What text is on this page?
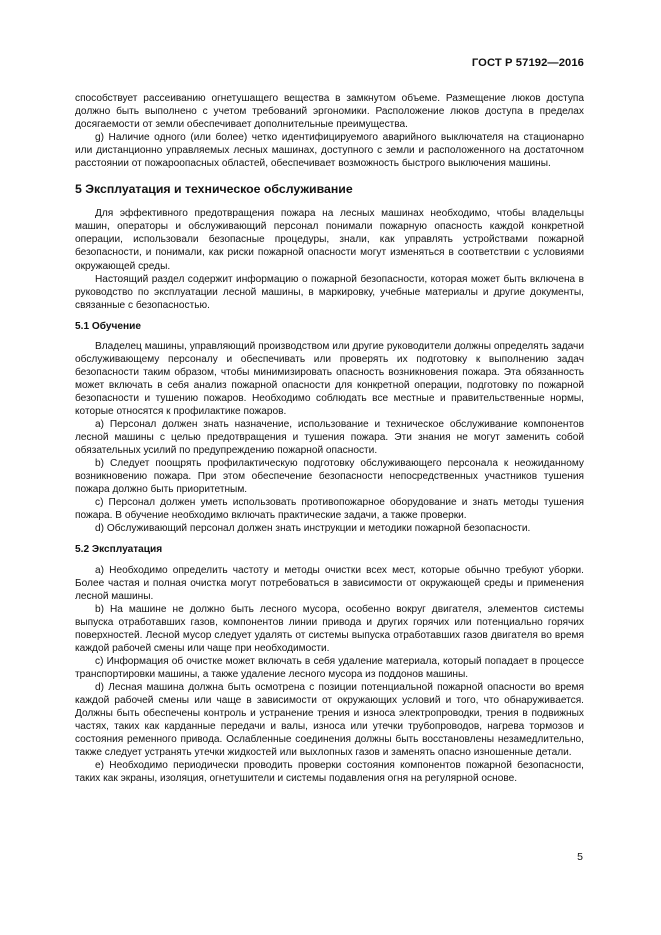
ГОСТ Р 57192—2016

способствует рассеиванию огнетушащего вещества в замкнутом объеме. Размещение люков доступа должно быть выполнено с учетом требований эргономики. Расположение люков доступа в пределах досягаемости от земли обеспечивает дополнительные преимущества.

g) Наличие одного (или более) четко идентифицируемого аварийного выключателя на стационарно или дистанционно управляемых лесных машинах, доступного с земли и расположенного на достаточном расстоянии от пожароопасных областей, обеспечивает возможность быстрого выключения машины.

5 Эксплуатация и техническое обслуживание

Для эффективного предотвращения пожара на лесных машинах необходимо, чтобы владельцы машин, операторы и обслуживающий персонал понимали пожарную опасность каждой конкретной операции, использовали безопасные процедуры, знали, как управлять устройствами пожарной безопасности, и понимали, как риски пожарной опасности могут изменяться в соответствии с условиями окружающей среды.

Настоящий раздел содержит информацию о пожарной безопасности, которая может быть включена в руководство по эксплуатации лесной машины, в маркировку, учебные материалы и другие документы, связанные с безопасностью.

5.1 Обучение

Владелец машины, управляющий производством или другие руководители должны определять задачи обслуживающему персоналу и обеспечивать или проверять их подготовку к выполнению задач безопасности таким образом, чтобы минимизировать опасность возникновения пожара. Эта обязанность может включать в себя анализ пожарной опасности для конкретной операции, подготовку по пожарной безопасности и тушению пожаров. Необходимо соблюдать все местные и правительственные нормы, которые относятся к профилактике пожаров.

a) Персонал должен знать назначение, использование и техническое обслуживание компонентов лесной машины с целью предотвращения и тушения пожара. Эти знания не могут заменить собой обязательных усилий по предупреждению пожарной опасности.

b) Следует поощрять профилактическую подготовку обслуживающего персонала к неожиданному возникновению пожара. При этом обеспечение безопасности непосредственных участников тушения пожара должно быть приоритетным.

c) Персонал должен уметь использовать противопожарное оборудование и знать методы тушения пожара. В обучение необходимо включать практические задачи, а также проверки.

d) Обслуживающий персонал должен знать инструкции и методики пожарной безопасности.

5.2 Эксплуатация

a) Необходимо определить частоту и методы очистки всех мест, которые обычно требуют уборки. Более частая и полная очистка могут потребоваться в зависимости от окружающей среды и применения лесной машины.

b) На машине не должно быть лесного мусора, особенно вокруг двигателя, элементов системы выпуска отработавших газов, компонентов линии привода и других горячих или потенциально горячих поверхностей. Лесной мусор следует удалять от системы выпуска отработавших газов двигателя во время каждой рабочей смены или чаще при необходимости.

c) Информация об очистке может включать в себя удаление материала, который попадает в процессе транспортировки машины, а также удаление лесного мусора из поддонов машины.

d) Лесная машина должна быть осмотрена с позиции потенциальной пожарной опасности во время каждой рабочей смены или чаще в зависимости от окружающих условий и того, что обнаруживается. Должны быть обеспечены контроль и устранение трения и износа электропроводки, трения в подвижных частях, таких как карданные передачи и валы, износа или утечки трубопроводов, нагрева тормозов и состояния ременного привода. Ослабленные соединения должны быть восстановлены незамедлительно, также следует устранять утечки жидкостей или выхлопных газов и заменять опасно изношенные детали.

e) Необходимо периодически проводить проверки состояния компонентов пожарной безопасности, таких как экраны, изоляция, огнетушители и системы подавления огня на регулярной основе.

5
